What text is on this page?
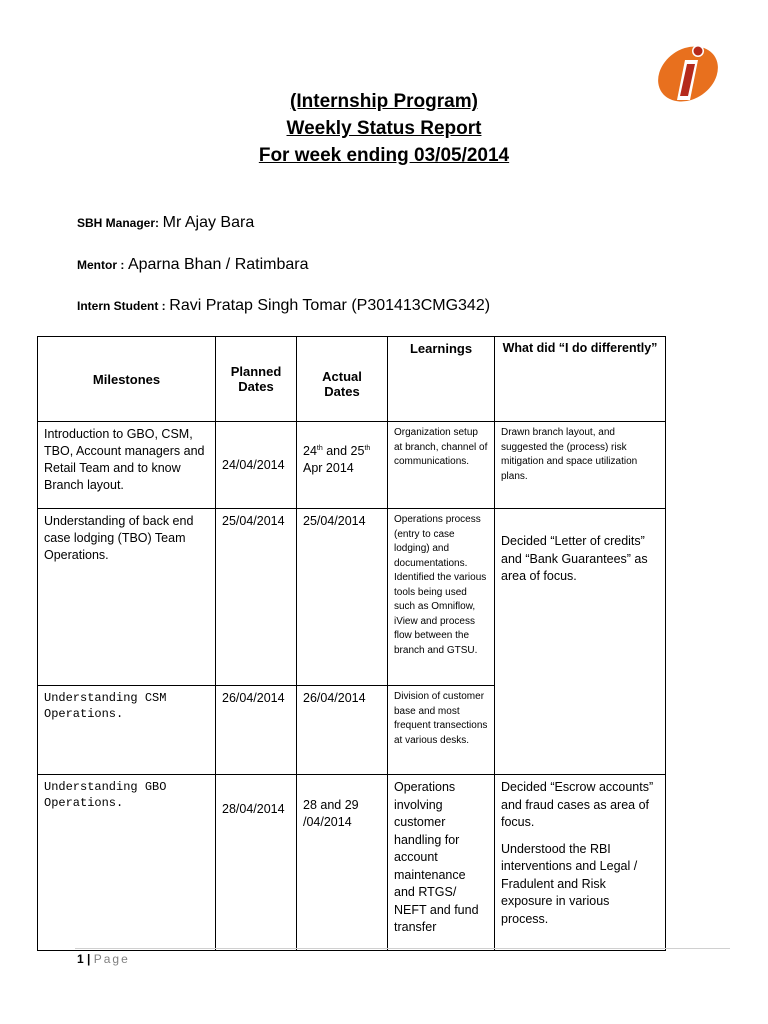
(Internship Program)
Weekly Status Report
For week ending 03/05/2014
SBH Manager: Mr Ajay Bara
Mentor : Aparna Bhan / Ratimbara
Intern Student : Ravi Pratap Singh Tomar (P301413CMG342)
Milestones	Planned Dates	Actual Dates	Learnings	What did “I do differently”
Introduction to GBO, CSM, TBO, Account managers and Retail Team and to know Branch layout.	24/04/2014	24th and 25th Apr 2014	Organization setup at branch, channel of communications.	Drawn branch layout, and suggested the (process) risk mitigation and space utilization plans.
Understanding of back end case lodging (TBO) Team Operations.	25/04/2014	25/04/2014	Operations process (entry to case lodging) and documentations. Identified the various tools being used such as Omniflow, iView and process flow between the branch and GTSU.	Decided “Letter of credits” and “Bank Guarantees” as area of focus.
Understanding CSM Operations.	26/04/2014	26/04/2014	Division of customer base and most frequent transections at various desks.	
Understanding GBO Operations.	28/04/2014	28 and 29 /04/2014	Operations involving customer handling for account maintenance and RTGS/ NEFT and fund transfer	Decided “Escrow accounts” and fraud cases as area of focus.
Understood the RBI interventions and Legal / Fradulent and Risk exposure in various process.
1 | Page
